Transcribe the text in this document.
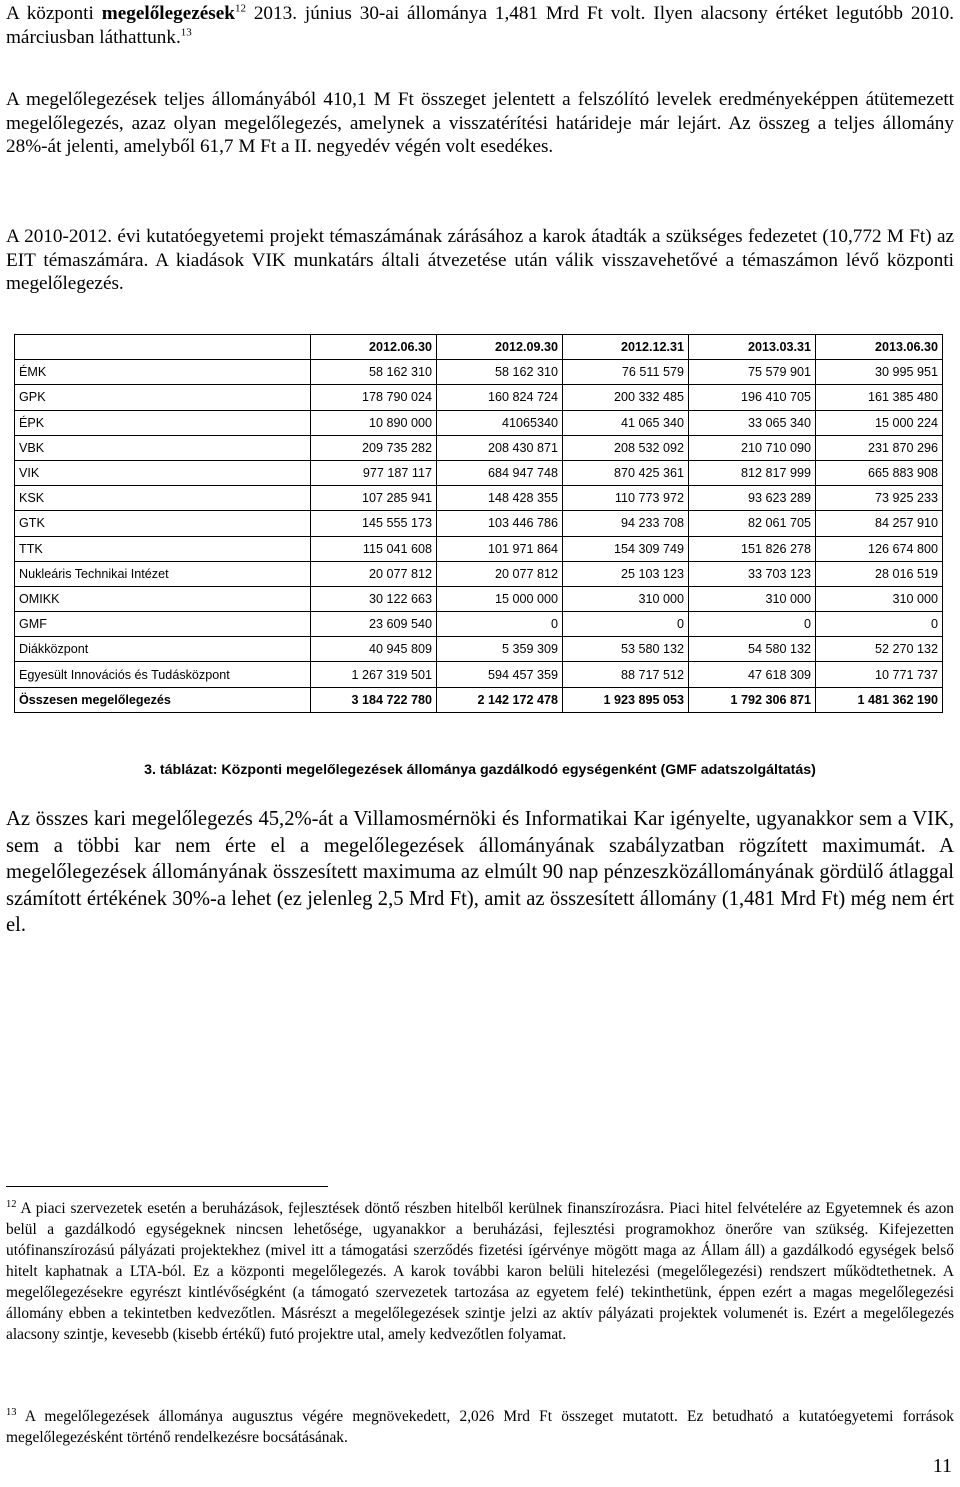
A központi megelőlegezések$^{12}$ 2013. június 30-ai állománya 1,481 Mrd Ft volt. Ilyen alacsony értéket legutóbb 2010. márciusban láthattunk.$^{13}$

A megelőlegezések teljes állományából 410,1 M Ft összeget jelentett a felszólító levelek eredményeképpen átütemezett megelőlegezés, azaz olyan megelőlegezés, amelynek a visszatérítési határideje már lejárt. Az összeg a teljes állomány 28%-át jelenti, amelyből 61,7 M Ft a II. negyedév végén volt esedékes.

A 2010-2012. évi kutatóegyetemi projekt témaszámának zárásához a karok átadták a szükséges fedezetet (10,772 M Ft) az EIT témaszámára. A kiadások VIK munkatárs általi átvezetése után válik visszavehetővé a témaszámon lévő központi megelőlegezés.

	2012.06.30	2012.09.30	2012.12.31	2013.03.31	2013.06.30
ÉMK	58 162 310	58 162 310	76 511 579	75 579 901	30 995 951
GPK	178 790 024	160 824 724	200 332 485	196 410 705	161 385 480
ÉPK	10 890 000	41065340	41 065 340	33 065 340	15 000 224
VBK	209 735 282	208 430 871	208 532 092	210 710 090	231 870 296
VIK	977 187 117	684 947 748	870 425 361	812 817 999	665 883 908
KSK	107 285 941	148 428 355	110 773 972	93 623 289	73 925 233
GTK	145 555 173	103 446 786	94 233 708	82 061 705	84 257 910
TTK	115 041 608	101 971 864	154 309 749	151 826 278	126 674 800
Nukleáris Technikai Intézet	20 077 812	20 077 812	25 103 123	33 703 123	28 016 519
OMIKK	30 122 663	15 000 000	310 000	310 000	310 000
GMF	23 609 540	0	0	0	0
Diákközpont	40 945 809	5 359 309	53 580 132	54 580 132	52 270 132
Egyesült Innovációs és Tudásközpont	1 267 319 501	594 457 359	88 717 512	47 618 309	10 771 737
Összesen megelőlegezés	3 184 722 780	2 142 172 478	1 923 895 053	1 792 306 871	1 481 362 190
3. táblázat: Központi megelőlegezések állománya gazdálkodó egységenként (GMF adatszolgáltatás)

Az összes kari megelőlegezés 45,2%-át a Villamosmérnöki és Informatikai Kar igényelte, ugyanakkor sem a VIK, sem a többi kar nem érte el a megelőlegezések állományának szabályzatban rögzített maximumát. A megelőlegezések állományának összesített maximuma az elmúlt 90 nap pénzeszközállományának gördülő átlaggal számított értékének 30%-a lehet (ez jelenleg 2,5 Mrd Ft), amit az összesített állomány (1,481 Mrd Ft) még nem ért el.

$^{12}$ A piaci szervezetek esetén a beruházások, fejlesztések döntő részben hitelből kerülnek finanszírozásra. Piaci hitel felvételére az Egyetemnek és azon belül a gazdálkodó egységeknek nincsen lehetősége, ugyanakkor a beruházási, fejlesztési programokhoz önerőre van szükség. Kifejezetten utófinanszírozású pályázati projektekhez (mivel itt a támogatási szerződés fizetési ígérvénye mögött maga az Állam áll) a gazdálkodó egységek belső hitelt kaphatnak a LTA-ból. Ez a központi megelőlegezés. A karok további karon belüli hitelezési (megelőlegezési) rendszert működtethetnek. A megelőlegezésekre egyrészt kintlévőségként (a támogató szervezetek tartozása az egyetem felé) tekinthetünk, éppen ezért a magas megelőlegezési állomány ebben a tekintetben kedvezőtlen. Másrészt a megelőlegezések szintje jelzi az aktív pályázati projektek volumenét is. Ezért a megelőlegezés alacsony szintje, kevesebb (kisebb értékű) futó projektre utal, amely kedvezőtlen folyamat.

$^{13}$ A megelőlegezések állománya augusztus végére megnövekedett, 2,026 Mrd Ft összeget mutatott. Ez betudható a kutatóegyetemi források megelőlegezésként történő rendelkezésre bocsátásának.

11
